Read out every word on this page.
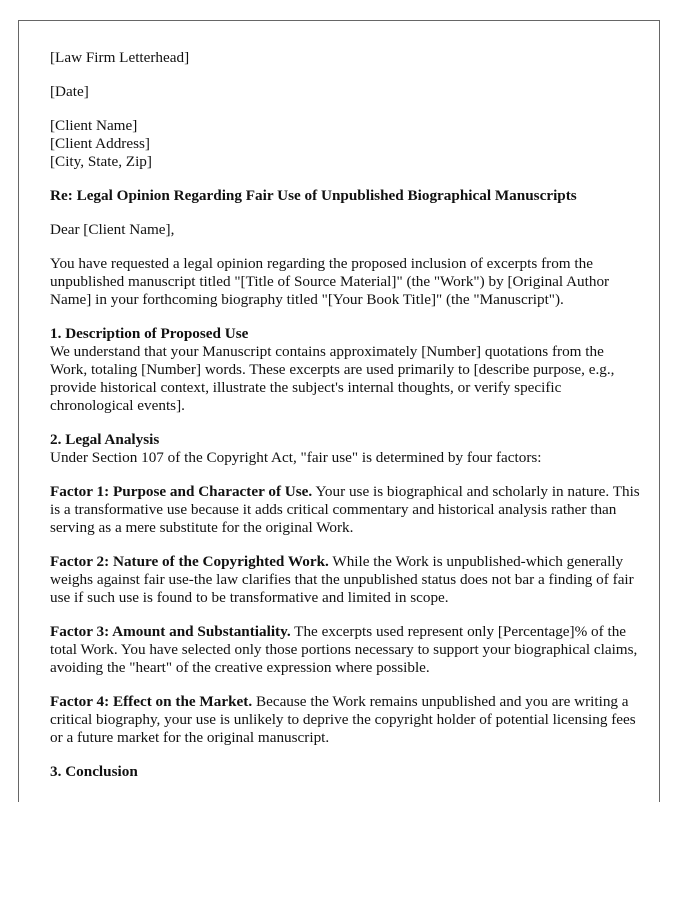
[Law Firm Letterhead]

[Date]

[Client Name]

[Client Address]

[City, State, Zip]

Re: Legal Opinion Regarding Fair Use of Unpublished Biographical Manuscripts

Dear [Client Name],

You have requested a legal opinion regarding the proposed inclusion of excerpts from the unpublished manuscript titled "[Title of Source Material]" (the "Work") by [Original Author Name] in your forthcoming biography titled "[Your Book Title]" (the "Manuscript").

1. Description of Proposed Use

We understand that your Manuscript contains approximately [Number] quotations from the Work, totaling [Number] words. These excerpts are used primarily to [describe purpose, e.g., provide historical context, illustrate the subject's internal thoughts, or verify specific chronological events].

2. Legal Analysis

Under Section 107 of the Copyright Act, "fair use" is determined by four factors:

Factor 1: Purpose and Character of Use. Your use is biographical and scholarly in nature. This is a transformative use because it adds critical commentary and historical analysis rather than serving as a mere substitute for the original Work.

Factor 2: Nature of the Copyrighted Work. While the Work is unpublished-which generally weighs against fair use-the law clarifies that the unpublished status does not bar a finding of fair use if such use is found to be transformative and limited in scope.

Factor 3: Amount and Substantiality. The excerpts used represent only [Percentage]% of the total Work. You have selected only those portions necessary to support your biographical claims, avoiding the "heart" of the creative expression where possible.

Factor 4: Effect on the Market. Because the Work remains unpublished and you are writing a critical biography, your use is unlikely to deprive the copyright holder of potential licensing fees or a future market for the original manuscript.

3. Conclusion
